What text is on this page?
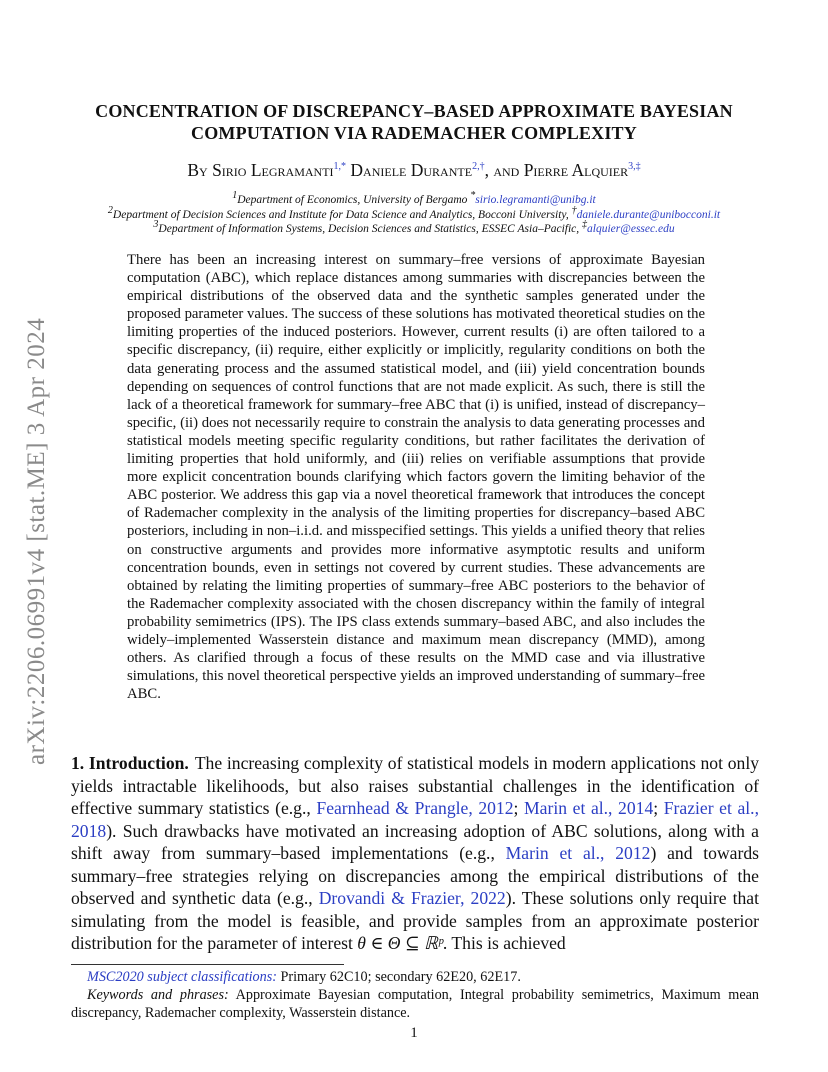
arXiv:2206.06991v4 [stat.ME] 3 Apr 2024
CONCENTRATION OF DISCREPANCY–BASED APPROXIMATE BAYESIAN
COMPUTATION VIA RADEMACHER COMPLEXITY
By Sirio Legramanti$^{1,*}$ Daniele Durante$^{2,\dagger}$, and Pierre Alquier$^{3,\ddagger}$
$^1$Department of Economics, University of Bergamo *sirio.legramanti@unibg.it
$^2$Department of Decision Sciences and Institute for Data Science and Analytics, Bocconi University, †daniele.durante@unibocconi.it
$^3$Department of Information Systems, Decision Sciences and Statistics, ESSEC Asia–Pacific, ‡alquier@essec.edu
There has been an increasing interest on summary–free versions of approximate Bayesian computation (ABC), which replace distances among summaries with discrepancies between the empirical distributions of the observed data and the synthetic samples generated under the proposed parameter values. The success of these solutions has motivated theoretical studies on the limiting properties of the induced posteriors. However, current results (i) are often tailored to a specific discrepancy, (ii) require, either explicitly or implicitly, regularity conditions on both the data generating process and the assumed statistical model, and (iii) yield concentration bounds depending on sequences of control functions that are not made explicit. As such, there is still the lack of a theoretical framework for summary–free ABC that (i) is unified, instead of discrepancy–specific, (ii) does not necessarily require to constrain the analysis to data generating processes and statistical models meeting specific regularity conditions, but rather facilitates the derivation of limiting properties that hold uniformly, and (iii) relies on verifiable assumptions that provide more explicit concentration bounds clarifying which factors govern the limiting behavior of the ABC posterior. We address this gap via a novel theoretical framework that introduces the concept of Rademacher complexity in the analysis of the limiting properties for discrepancy–based ABC posteriors, including in non–i.i.d. and misspecified settings. This yields a unified theory that relies on constructive arguments and provides more informative asymptotic results and uniform concentration bounds, even in settings not covered by current studies. These advancements are obtained by relating the limiting properties of summary–free ABC posteriors to the behavior of the Rademacher complexity associated with the chosen discrepancy within the family of integral probability semimetrics (IPS). The IPS class extends summary–based ABC, and also includes the widely–implemented Wasserstein distance and maximum mean discrepancy (MMD), among others. As clarified through a focus of these results on the MMD case and via illustrative simulations, this novel theoretical perspective yields an improved understanding of summary–free ABC.
1. Introduction. The increasing complexity of statistical models in modern applications not only yields intractable likelihoods, but also raises substantial challenges in the identification of effective summary statistics (e.g., Fearnhead & Prangle, 2012; Marin et al., 2014; Frazier et al., 2018). Such drawbacks have motivated an increasing adoption of ABC solutions, along with a shift away from summary–based implementations (e.g., Marin et al., 2012) and towards summary–free strategies relying on discrepancies among the empirical distributions of the observed and synthetic data (e.g., Drovandi & Frazier, 2022). These solutions only require that simulating from the model is feasible, and provide samples from an approximate posterior distribution for the parameter of interest θ ∈ Θ ⊆ ℝᵖ. This is achieved
MSC2020 subject classifications: Primary 62C10; secondary 62E20, 62E17.
Keywords and phrases: Approximate Bayesian computation, Integral probability semimetrics, Maximum mean discrepancy, Rademacher complexity, Wasserstein distance.
1
